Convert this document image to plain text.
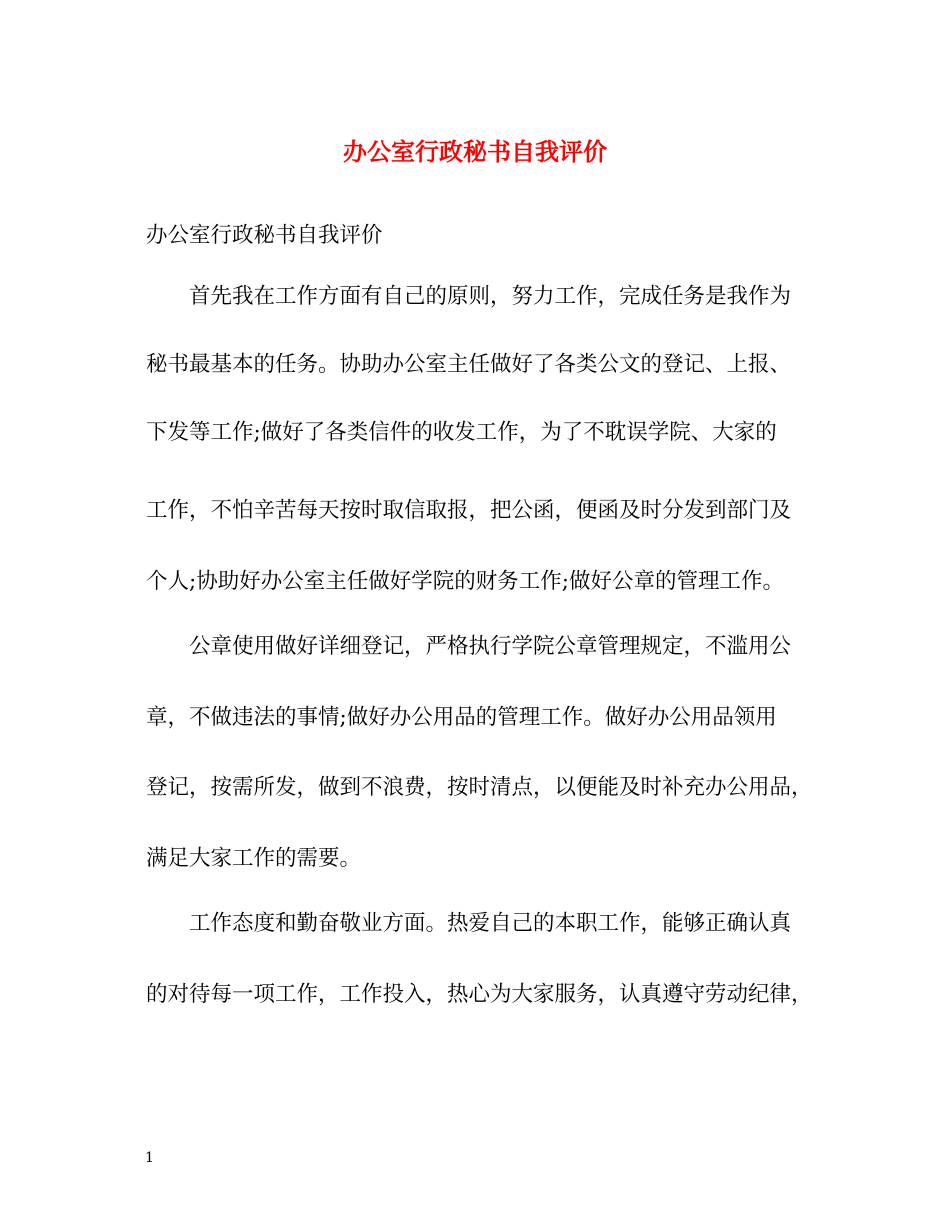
办公室行政秘书自我评价

办公室行政秘书自我评价

首先我在工作方面有自己的原则，努力工作，完成任务是我作为

秘书最基本的任务。协助办公室主任做好了各类公文的登记、上报、

下发等工作;做好了各类信件的收发工作，为了不耽误学院、大家的

工作，不怕辛苦每天按时取信取报，把公函，便函及时分发到部门及

个人;协助好办公室主任做好学院的财务工作;做好公章的管理工作。

公章使用做好详细登记，严格执行学院公章管理规定，不滥用公

章，不做违法的事情;做好办公用品的管理工作。做好办公用品领用

登记，按需所发，做到不浪费，按时清点，以便能及时补充办公用品，

满足大家工作的需要。

工作态度和勤奋敬业方面。热爱自己的本职工作，能够正确认真

的对待每一项工作，工作投入，热心为大家服务，认真遵守劳动纪律，

1
